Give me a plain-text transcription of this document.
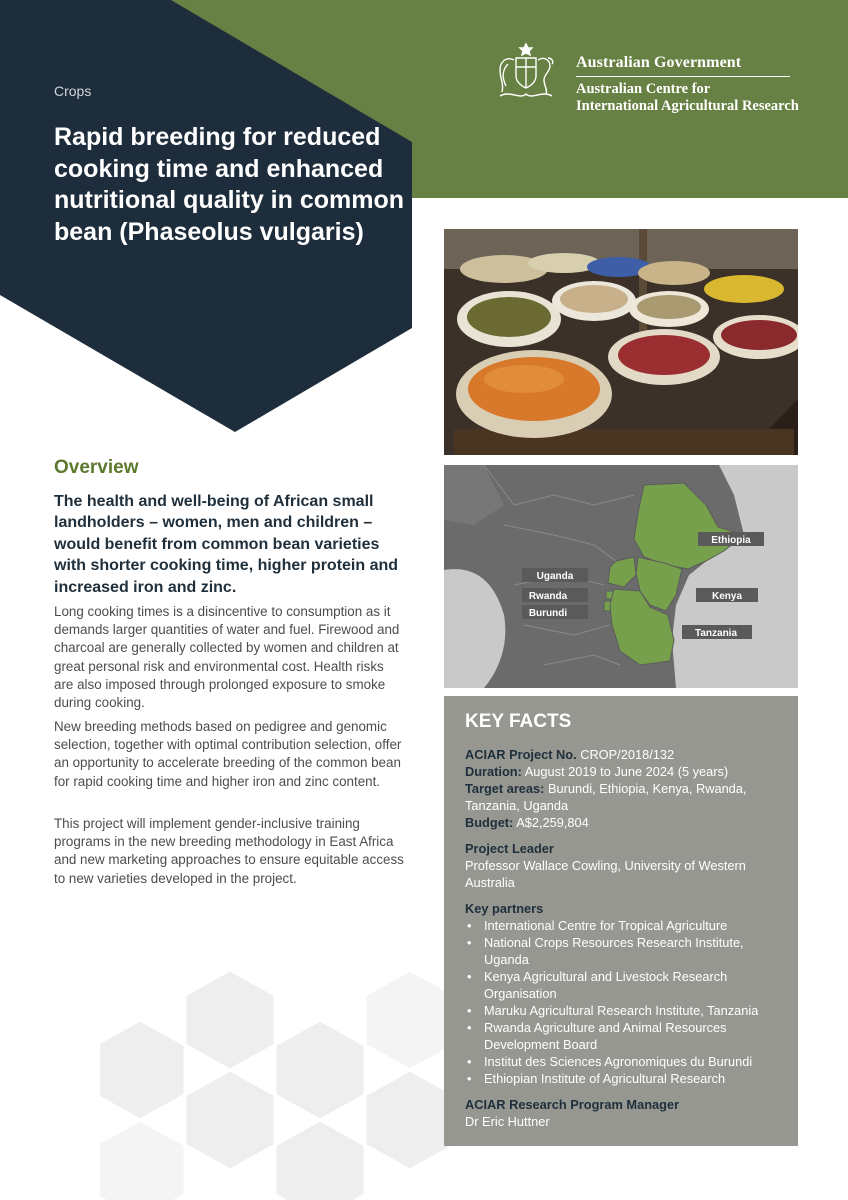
Australian Government
Australian Centre for
International Agricultural Research
Crops
Rapid breeding for reduced cooking time and enhanced nutritional quality in common bean (Phaseolus vulgaris)
Ethiopia
Uganda
Rwanda
Burundi
Kenya
Tanzania
Overview
The health and well-being of African small landholders – women, men and children – would benefit from common bean varieties with shorter cooking time, higher protein and increased iron and zinc.
Long cooking times is a disincentive to consumption as it demands larger quantities of water and fuel. Firewood and charcoal are generally collected by women and children at great personal risk and environmental cost. Health risks are also imposed through prolonged exposure to smoke during cooking.
New breeding methods based on pedigree and genomic selection, together with optimal contribution selection, offer an opportunity to accelerate breeding of the common bean for rapid cooking time and higher iron and zinc content.
This project will implement gender-inclusive training programs in the new breeding methodology in East Africa and new marketing approaches to ensure equitable access to new varieties developed in the project.
KEY FACTS
ACIAR Project No. CROP/2018/132
Duration: August 2019 to June 2024 (5 years)
Target areas: Burundi, Ethiopia, Kenya, Rwanda, Tanzania, Uganda
Budget: A$2,259,804
Project Leader
Professor Wallace Cowling, University of Western Australia
Key partners
• International Centre for Tropical Agriculture
• National Crops Resources Research Institute, Uganda
• Kenya Agricultural and Livestock Research Organisation
• Maruku Agricultural Research Institute, Tanzania
• Rwanda Agriculture and Animal Resources Development Board
• Institut des Sciences Agronomiques du Burundi
• Ethiopian Institute of Agricultural Research
ACIAR Research Program Manager
Dr Eric Huttner
